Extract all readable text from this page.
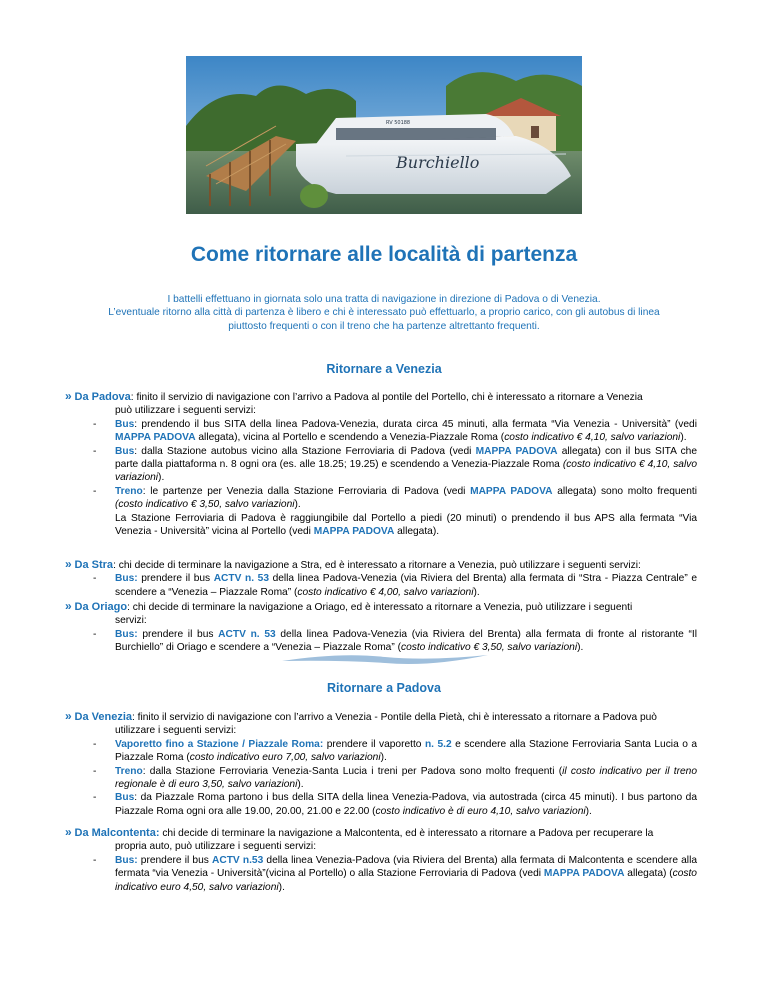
Burchiello
RV 50188
Come ritornare alle località di partenza
I battelli effettuano in giornata solo una tratta di navigazione in direzione di Padova o di Venezia.
L’eventuale ritorno alla città di partenza è libero e chi è interessato può effettuarlo, a proprio carico, con gli autobus di linea
piuttosto frequenti o con il treno che ha partenze altrettanto frequenti.
Ritornare a Venezia

» Da Padova: finito il servizio di navigazione con l’arrivo a Padova al pontile del Portello, chi è interessato a ritornare a Venezia

può utilizzare i seguenti servizi:

- Bus: prendendo il bus SITA della linea Padova-Venezia, durata circa 45 minuti, alla fermata “Via Venezia - Università” (vedi MAPPA PADOVA allegata), vicina al Portello e scendendo a Venezia-Piazzale Roma (costo indicativo € 4,10, salvo variazioni).

- Bus: dalla Stazione autobus vicino alla Stazione Ferroviaria di Padova (vedi MAPPA PADOVA allegata) con il bus SITA che parte dalla piattaforma n. 8 ogni ora (es. alle 18.25; 19.25) e scendendo a Venezia-Piazzale Roma (costo indicativo € 4,10, salvo variazioni).

- Treno: le partenze per Venezia dalla Stazione Ferroviaria di Padova (vedi MAPPA PADOVA allegata) sono molto frequenti (costo indicativo € 3,50, salvo variazioni).
La Stazione Ferroviaria di Padova è raggiungibile dal Portello a piedi (20 minuti) o prendendo il bus APS alla fermata “Via Venezia - Università” vicina al Portello (vedi MAPPA PADOVA allegata).

» Da Stra: chi decide di terminare la navigazione a Stra, ed è interessato a ritornare a Venezia, può utilizzare i seguenti servizi:

- Bus: prendere il bus ACTV n. 53 della linea Padova-Venezia (via Riviera del Brenta) alla fermata di “Stra - Piazza Centrale” e scendere a “Venezia – Piazzale Roma” (costo indicativo € 4,00, salvo variazioni).

» Da Oriago: chi decide di terminare la navigazione a Oriago, ed è interessato a ritornare a Venezia, può utilizzare i seguenti

servizi:

- Bus: prendere il bus ACTV n. 53 della linea Padova-Venezia (via Riviera del Brenta) alla fermata di fronte al ristorante “Il Burchiello” di Oriago e scendere a “Venezia – Piazzale Roma” (costo indicativo € 3,50, salvo variazioni).

Ritornare a Padova

» Da Venezia: finito il servizio di navigazione con l’arrivo a Venezia - Pontile della Pietà, chi è interessato a ritornare a Padova può

utilizzare i seguenti servizi:

- Vaporetto fino a Stazione / Piazzale Roma: prendere il vaporetto n. 5.2 e scendere alla Stazione Ferroviaria Santa Lucia o a Piazzale Roma (costo indicativo euro 7,00, salvo variazioni).

- Treno: dalla Stazione Ferroviaria Venezia-Santa Lucia i treni per Padova sono molto frequenti (il costo indicativo per il treno regionale è di euro 3,50, salvo variazioni).

- Bus: da Piazzale Roma partono i bus della SITA della linea Venezia-Padova, via autostrada (circa 45 minuti). I bus partono da Piazzale Roma ogni ora alle 19.00, 20.00, 21.00 e 22.00 (costo indicativo è di euro 4,10, salvo variazioni).

» Da Malcontenta: chi decide di terminare la navigazione a Malcontenta, ed è interessato a ritornare a Padova per recuperare la

propria auto, può utilizzare i seguenti servizi:

- Bus: prendere il bus ACTV n.53 della linea Venezia-Padova (via Riviera del Brenta) alla fermata di Malcontenta e scendere alla fermata “via Venezia - Università”(vicina al Portello) o alla Stazione Ferroviaria di Padova (vedi MAPPA PADOVA allegata) (costo indicativo euro 4,50, salvo variazioni).
